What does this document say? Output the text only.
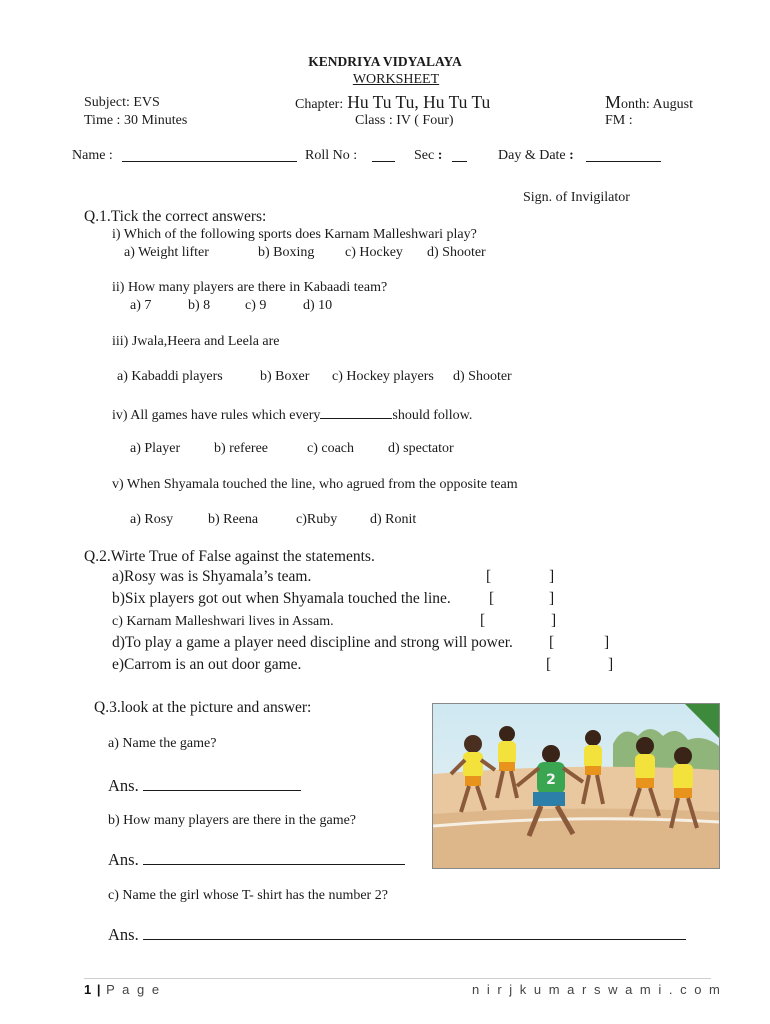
KENDRIYA VIDYALAYA
WORKSHEET
Subject: EVS
Time : 30 Minutes
Chapter: Hu Tu Tu, Hu Tu Tu
Class : IV ( Four)
Month: August
FM :
Name :	Roll No :	Sec :	Day & Date :
Sign. of Invigilator
Q.1.Tick the correct answers:
i) Which of the following sports does Karnam Malleshwari play?
a) Weight lifter	b) Boxing c) Hockey d) Shooter
ii) How many players are there in Kabaadi team?
a) 7	b) 8 c) 9	d) 10
iii) Jwala,Heera and Leela are
a) Kabaddi players	b) Boxer c) Hockey players d) Shooter
iv) All games have rules which every	should follow.
a) Player b) referee	c) coach d) spectator
v) When Shyamala touched the line, who agrued from the opposite team
a) Rosy b) Reena	c)Ruby d) Ronit
Q.2.Wirte True of False against the statements.
a)Rosy was is Shyamala’s team.	[	]
b)Six players got out when Shyamala touched the line. [	]
c) Karnam Malleshwari lives in Assam.	[	]
d)To play a game a player need discipline and strong will power. [	]
e)Carrom is an out door game.	[	]
Q.3.look at the picture and answer:
a) Name the game?
Ans.
b) How many players are there in the game?
Ans.
c) Name the girl whose T- shirt has the number 2?
Ans.
2
1 | P a g e	n i r j k u m a r s w a m i . c o m
